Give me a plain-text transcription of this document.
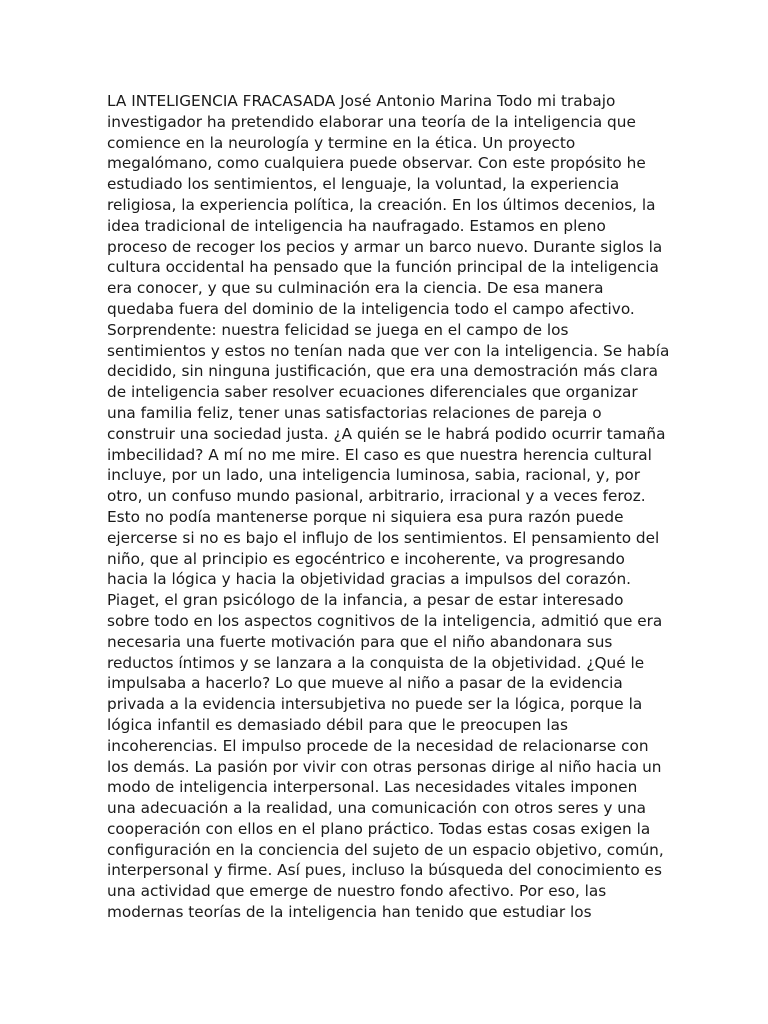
LA INTELIGENCIA FRACASADA José Antonio Marina Todo mi trabajo
investigador ha pretendido elaborar una teoría de la inteligencia que
comience en la neurología y termine en la ética. Un proyecto
megalómano, como cualquiera puede observar. Con este propósito he
estudiado los sentimientos, el lenguaje, la voluntad, la experiencia
religiosa, la experiencia política, la creación. En los últimos decenios, la
idea tradicional de inteligencia ha naufragado. Estamos en pleno
proceso de recoger los pecios y armar un barco nuevo. Durante siglos la
cultura occidental ha pensado que la función principal de la inteligencia
era conocer, y que su culminación era la ciencia. De esa manera
quedaba fuera del dominio de la inteligencia todo el campo afectivo.
Sorprendente: nuestra felicidad se juega en el campo de los
sentimientos y estos no tenían nada que ver con la inteligencia. Se había
decidido, sin ninguna justificación, que era una demostración más clara
de inteligencia saber resolver ecuaciones diferenciales que organizar
una familia feliz, tener unas satisfactorias relaciones de pareja o
construir una sociedad justa. ¿A quién se le habrá podido ocurrir tamaña
imbecilidad? A mí no me mire. El caso es que nuestra herencia cultural
incluye, por un lado, una inteligencia luminosa, sabia, racional, y, por
otro, un confuso mundo pasional, arbitrario, irracional y a veces feroz.
Esto no podía mantenerse porque ni siquiera esa pura razón puede
ejercerse si no es bajo el influjo de los sentimientos. El pensamiento del
niño, que al principio es egocéntrico e incoherente, va progresando
hacia la lógica y hacia la objetividad gracias a impulsos del corazón.
Piaget, el gran psicólogo de la infancia, a pesar de estar interesado
sobre todo en los aspectos cognitivos de la inteligencia, admitió que era
necesaria una fuerte motivación para que el niño abandonara sus
reductos íntimos y se lanzara a la conquista de la objetividad. ¿Qué le
impulsaba a hacerlo? Lo que mueve al niño a pasar de la evidencia
privada a la evidencia intersubjetiva no puede ser la lógica, porque la
lógica infantil es demasiado débil para que le preocupen las
incoherencias. El impulso procede de la necesidad de relacionarse con
los demás. La pasión por vivir con otras personas dirige al niño hacia un
modo de inteligencia interpersonal. Las necesidades vitales imponen
una adecuación a la realidad, una comunicación con otros seres y una
cooperación con ellos en el plano práctico. Todas estas cosas exigen la
configuración en la conciencia del sujeto de un espacio objetivo, común,
interpersonal y firme. Así pues, incluso la búsqueda del conocimiento es
una actividad que emerge de nuestro fondo afectivo. Por eso, las
modernas teorías de la inteligencia han tenido que estudiar los
